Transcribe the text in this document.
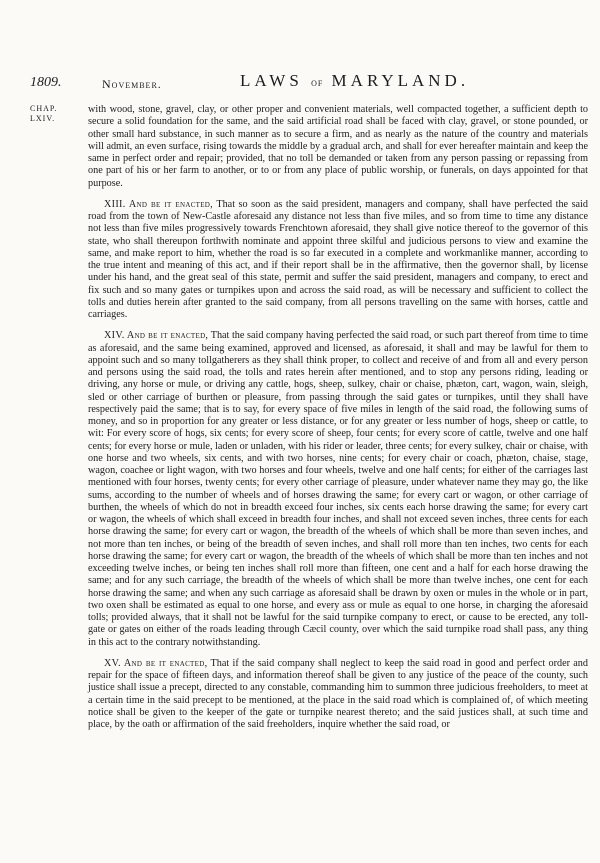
1809.	November.	LAWS of MARYLAND.
CHAP.
LXIV.

with wood, stone, gravel, clay, or other proper and convenient materials, well compacted together, a sufficient depth to secure a solid foundation for the same, and the said artificial road shall be faced with clay, gravel, or stone pounded, or other small hard substance, in such manner as to secure a firm, and as nearly as the nature of the country and materials will admit, an even surface, rising towards the middle by a gradual arch, and shall for ever hereafter maintain and keep the same in perfect order and repair; provided, that no toll be demanded or taken from any person passing or repassing from one part of his or her farm to another, or to or from any place of public worship, or funerals, on days appointed for that purpose.

XIII. And be it enacted, That so soon as the said president, managers and company, shall have perfected the said road from the town of New-Castle aforesaid any distance not less than five miles, and so from time to time any distance not less than five miles progressively towards Frenchtown aforesaid, they shall give notice thereof to the governor of this state, who shall thereupon forthwith nominate and appoint three skilful and judicious persons to view and examine the same, and make report to him, whether the road is so far executed in a complete and workmanlike manner, according to the true intent and meaning of this act, and if their report shall be in the affirmative, then the governor shall, by license under his hand, and the great seal of this state, permit and suffer the said president, managers and company, to erect and fix such and so many gates or turnpikes upon and across the said road, as will be necessary and sufficient to collect the tolls and duties herein after granted to the said company, from all persons travelling on the same with horses, cattle and carriages.

XIV. And be it enacted, That the said company having perfected the said road, or such part thereof from time to time as aforesaid, and the same being examined, approved and licensed, as aforesaid, it shall and may be lawful for them to appoint such and so many tollgatherers as they shall think proper, to collect and receive of and from all and every person and persons using the said road, the tolls and rates herein after mentioned, and to stop any persons riding, leading or driving, any horse or mule, or driving any cattle, hogs, sheep, sulkey, chair or chaise, phæton, cart, wagon, wain, sleigh, sled or other carriage of burthen or pleasure, from passing through the said gates or turnpikes, until they shall have respectively paid the same; that is to say, for every space of five miles in length of the said road, the following sums of money, and so in proportion for any greater or less distance, or for any greater or less number of hogs, sheep or cattle, to wit: For every score of hogs, six cents; for every score of sheep, four cents; for every score of cattle, twelve and one half cents; for every horse or mule, laden or unladen, with his rider or leader, three cents; for every sulkey, chair or chaise, with one horse and two wheels, six cents, and with two horses, nine cents; for every chair or coach, phæton, chaise, stage, wagon, coachee or light wagon, with two horses and four wheels, twelve and one half cents; for either of the carriages last mentioned with four horses, twenty cents; for every other carriage of pleasure, under whatever name they may go, the like sums, according to the number of wheels and of horses drawing the same; for every cart or wagon, or other carriage of burthen, the wheels of which do not in breadth exceed four inches, six cents each horse drawing the same; for every cart or wagon, the wheels of which shall exceed in breadth four inches, and shall not exceed seven inches, three cents for each horse drawing the same; for every cart or wagon, the breadth of the wheels of which shall be more than seven inches, and not more than ten inches, or being of the breadth of seven inches, and shall roll more than ten inches, two cents for each horse drawing the same; for every cart or wagon, the breadth of the wheels of which shall be more than ten inches and not exceeding twelve inches, or being ten inches shall roll more than fifteen, one cent and a half for each horse drawing the same; and for any such carriage, the breadth of the wheels of which shall be more than twelve inches, one cent for each horse drawing the same; and when any such carriage as aforesaid shall be drawn by oxen or mules in the whole or in part, two oxen shall be estimated as equal to one horse, and every ass or mule as equal to one horse, in charging the aforesaid tolls; provided always, that it shall not be lawful for the said turnpike company to erect, or cause to be erected, any toll-gate or gates on either of the roads leading through Cæcil county, over which the said turnpike road shall pass, any thing in this act to the contrary notwithstanding.

XV. And be it enacted, That if the said company shall neglect to keep the said road in good and perfect order and repair for the space of fifteen days, and information thereof shall be given to any justice of the peace of the county, such justice shall issue a precept, directed to any constable, commanding him to summon three judicious freeholders, to meet at a certain time in the said precept to be mentioned, at the place in the said road which is complained of, of which meeting notice shall be given to the keeper of the gate or turnpike nearest thereto; and the said justices shall, at such time and place, by the oath or affirmation of the said freeholders, inquire whether the said road, or
